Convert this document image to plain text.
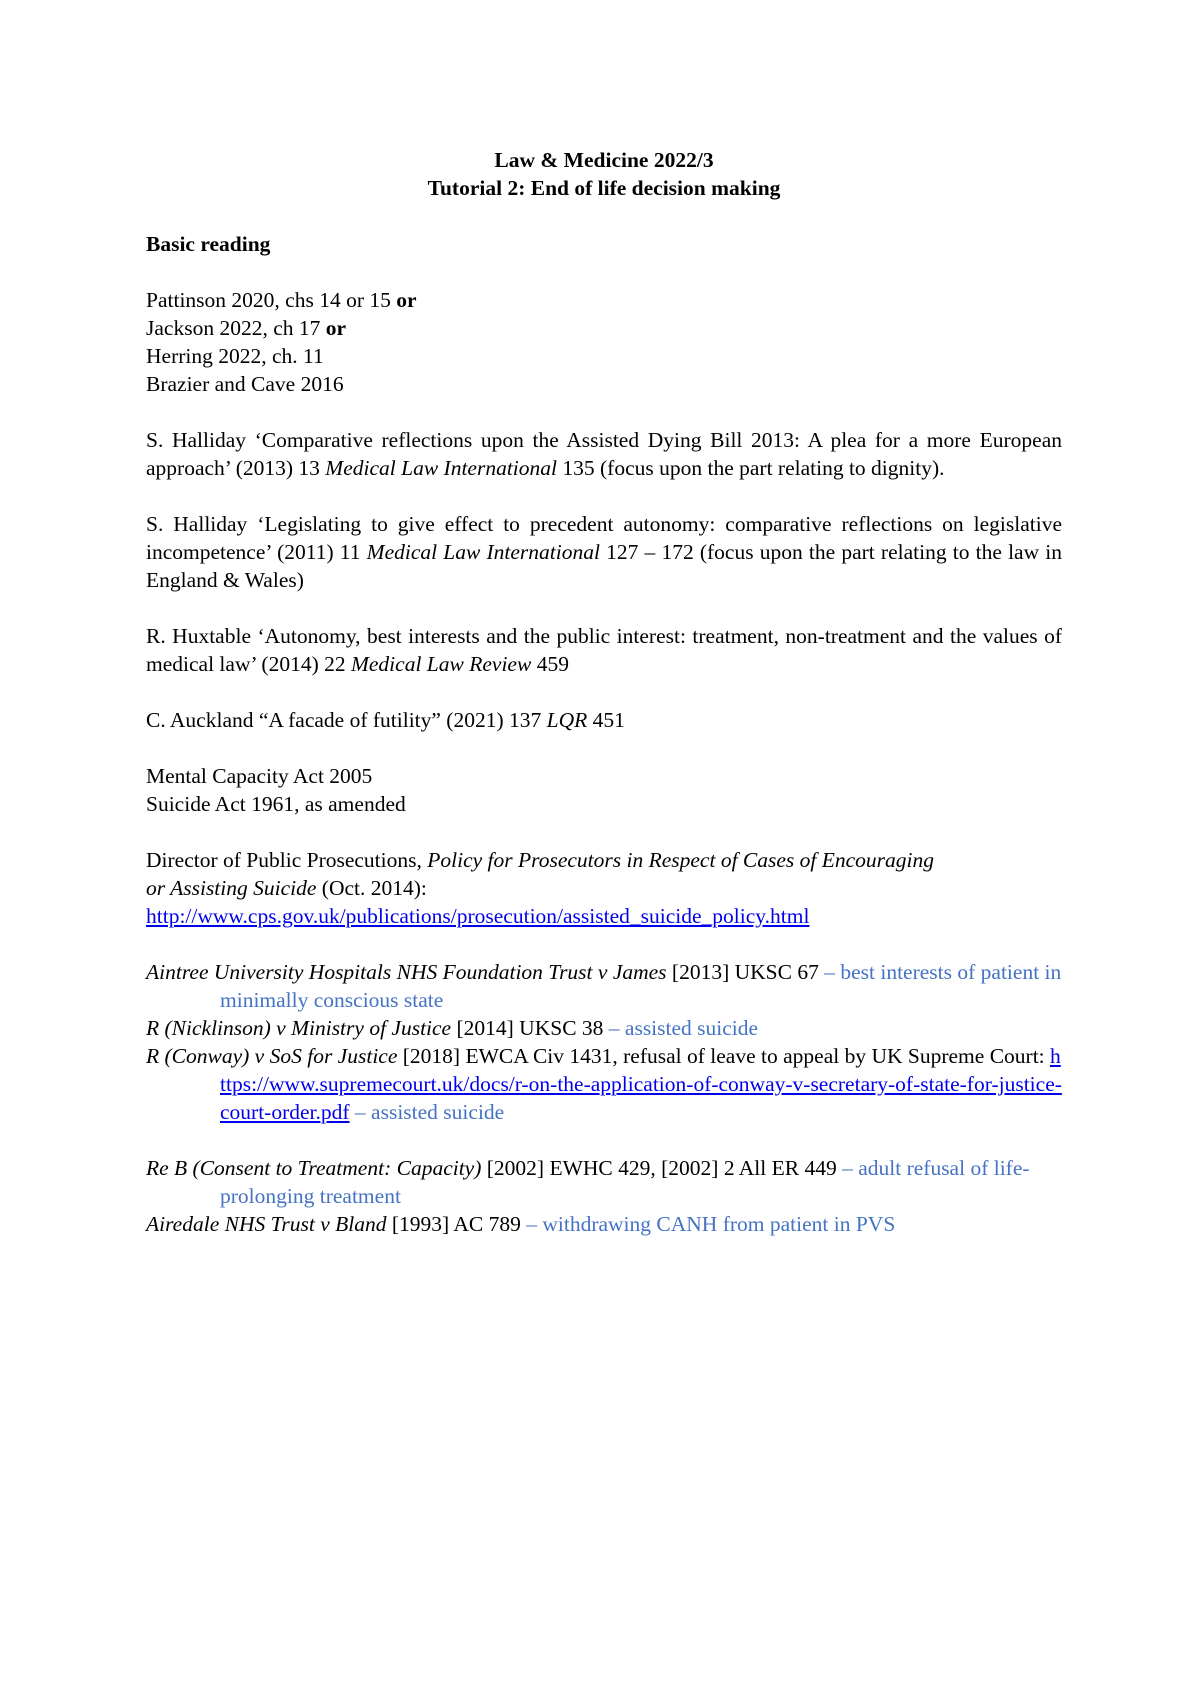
Law & Medicine 2022/3
Tutorial 2: End of life decision making
Basic reading
Pattinson 2020, chs 14 or 15 or
Jackson 2022, ch 17 or
Herring 2022, ch. 11
Brazier and Cave 2016
S. Halliday ‘Comparative reflections upon the Assisted Dying Bill 2013: A plea for a more European approach’ (2013) 13 Medical Law International 135 (focus upon the part relating to dignity).
S. Halliday ‘Legislating to give effect to precedent autonomy: comparative reflections on legislative incompetence’ (2011) 11 Medical Law International 127 – 172 (focus upon the part relating to the law in England & Wales)
R. Huxtable ‘Autonomy, best interests and the public interest: treatment, non-treatment and the values of medical law’ (2014) 22 Medical Law Review 459
C. Auckland “A facade of futility” (2021) 137 LQR 451
Mental Capacity Act 2005
Suicide Act 1961, as amended
Director of Public Prosecutions, Policy for Prosecutors in Respect of Cases of Encouraging
or Assisting Suicide (Oct. 2014):
http://www.cps.gov.uk/publications/prosecution/assisted_suicide_policy.html
Aintree University Hospitals NHS Foundation Trust v James [2013] UKSC 67 – best interests of patient in minimally conscious state
R (Nicklinson) v Ministry of Justice [2014] UKSC 38 – assisted suicide
R (Conway) v SoS for Justice [2018] EWCA Civ 1431, refusal of leave to appeal by UK Supreme Court: https://www.supremecourt.uk/docs/r-on-the-application-of-conway-v-secretary-of-state-for-justice-court-order.pdf – assisted suicide
Re B (Consent to Treatment: Capacity) [2002] EWHC 429, [2002] 2 All ER 449 – adult refusal of life-prolonging treatment
Airedale NHS Trust v Bland [1993] AC 789 – withdrawing CANH from patient in PVS
